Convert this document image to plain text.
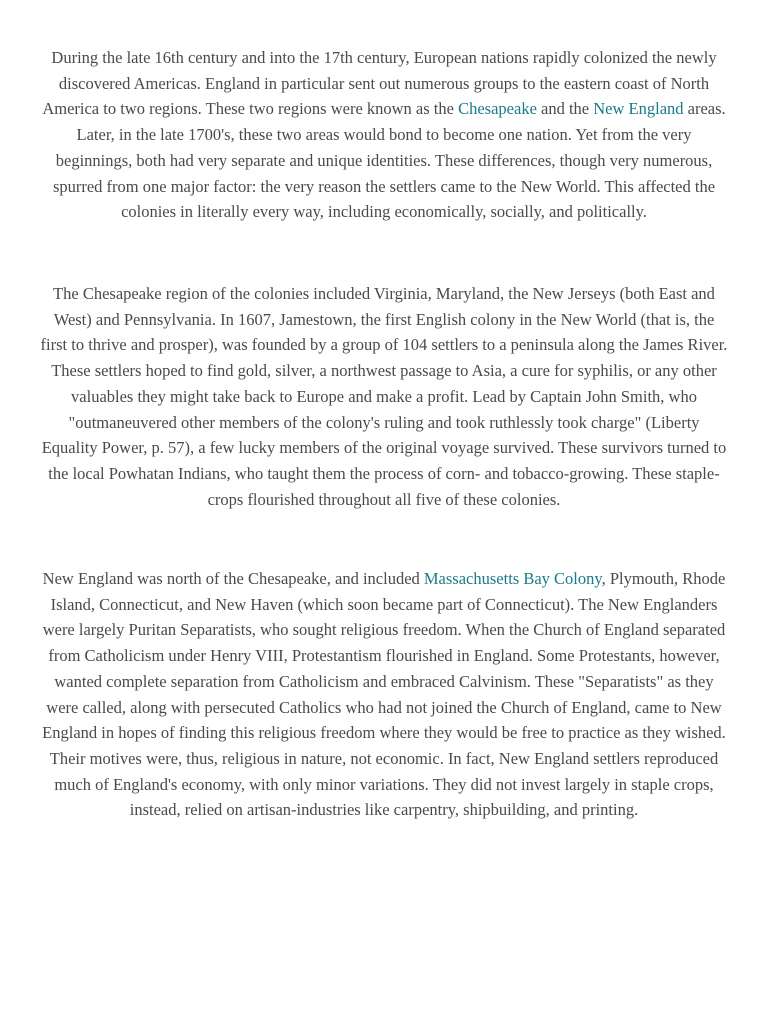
During the late 16th century and into the 17th century, European nations rapidly colonized the newly discovered Americas. England in particular sent out numerous groups to the eastern coast of North America to two regions. These two regions were known as the Chesapeake and the New England areas. Later, in the late 1700's, these two areas would bond to become one nation. Yet from the very beginnings, both had very separate and unique identities. These differences, though very numerous, spurred from one major factor: the very reason the settlers came to the New World. This affected the colonies in literally every way, including economically, socially, and politically.

The Chesapeake region of the colonies included Virginia, Maryland, the New Jerseys (both East and West) and Pennsylvania. In 1607, Jamestown, the first English colony in the New World (that is, the first to thrive and prosper), was founded by a group of 104 settlers to a peninsula along the James River. These settlers hoped to find gold, silver, a northwest passage to Asia, a cure for syphilis, or any other valuables they might take back to Europe and make a profit. Lead by Captain John Smith, who "outmaneuvered other members of the colony's ruling and took ruthlessly took charge" (Liberty Equality Power, p. 57), a few lucky members of the original voyage survived. These survivors turned to the local Powhatan Indians, who taught them the process of corn- and tobacco-growing. These staple-crops flourished throughout all five of these colonies.

New England was north of the Chesapeake, and included Massachusetts Bay Colony, Plymouth, Rhode Island, Connecticut, and New Haven (which soon became part of Connecticut). The New Englanders were largely Puritan Separatists, who sought religious freedom. When the Church of England separated from Catholicism under Henry VIII, Protestantism flourished in England. Some Protestants, however, wanted complete separation from Catholicism and embraced Calvinism. These "Separatists" as they were called, along with persecuted Catholics who had not joined the Church of England, came to New England in hopes of finding this religious freedom where they would be free to practice as they wished. Their motives were, thus, religious in nature, not economic. In fact, New England settlers reproduced much of England's economy, with only minor variations. They did not invest largely in staple crops, instead, relied on artisan-industries like carpentry, shipbuilding, and printing.
